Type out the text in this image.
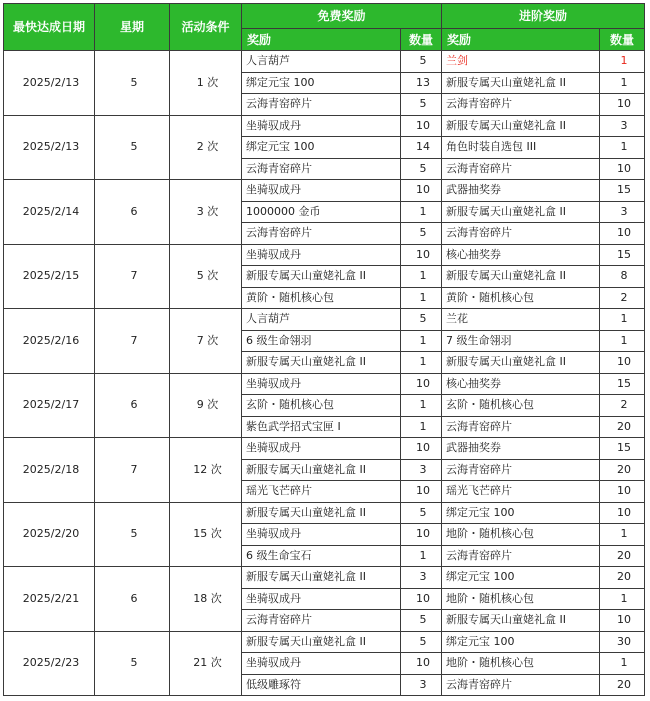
最快达成日期	星期	活动条件	免费奖励		进阶奖励	
			奖励	数量	奖励	数量
2025/2/13	5	1 次	人言葫芦	5	兰剑	1
			绑定元宝 100	13	新服专属天山童姥礼盒 II	1
			云海青窑碎片	5	云海青窑碎片	10
2025/2/13	5	2 次	坐骑驭成丹	10	新服专属天山童姥礼盒 II	3
			绑定元宝 100	14	角色时装自选包 III	1
			云海青窑碎片	5	云海青窑碎片	10
2025/2/14	6	3 次	坐骑驭成丹	10	武器抽奖券	15
			1000000 金币	1	新服专属天山童姥礼盒 II	3
			云海青窑碎片	5	云海青窑碎片	10
2025/2/15	7	5 次	坐骑驭成丹	10	核心抽奖券	15
			新服专属天山童姥礼盒 II	1	新服专属天山童姥礼盒 II	8
			黄阶・随机核心包	1	黄阶・随机核心包	2
2025/2/16	7	7 次	人言葫芦	5	兰花	1
			6 级生命翎羽	1	7 级生命翎羽	1
			新服专属天山童姥礼盒 II	1	新服专属天山童姥礼盒 II	10
2025/2/17	6	9 次	坐骑驭成丹	10	核心抽奖券	15
			玄阶・随机核心包	1	玄阶・随机核心包	2
			紫色武学招式宝匣 I	1	云海青窑碎片	20
2025/2/18	7	12 次	坐骑驭成丹	10	武器抽奖券	15
			新服专属天山童姥礼盒 II	3	云海青窑碎片	20
			瑶光飞芒碎片	10	瑶光飞芒碎片	10
2025/2/20	5	15 次	新服专属天山童姥礼盒 II	5	绑定元宝 100	10
			坐骑驭成丹	10	地阶・随机核心包	1
			6 级生命宝石	1	云海青窑碎片	20
2025/2/21	6	18 次	新服专属天山童姥礼盒 II	3	绑定元宝 100	20
			坐骑驭成丹	10	地阶・随机核心包	1
			云海青窑碎片	5	新服专属天山童姥礼盒 II	10
2025/2/23	5	21 次	新服专属天山童姥礼盒 II	5	绑定元宝 100	30
			坐骑驭成丹	10	地阶・随机核心包	1
			低级雕琢符	3	云海青窑碎片	20
